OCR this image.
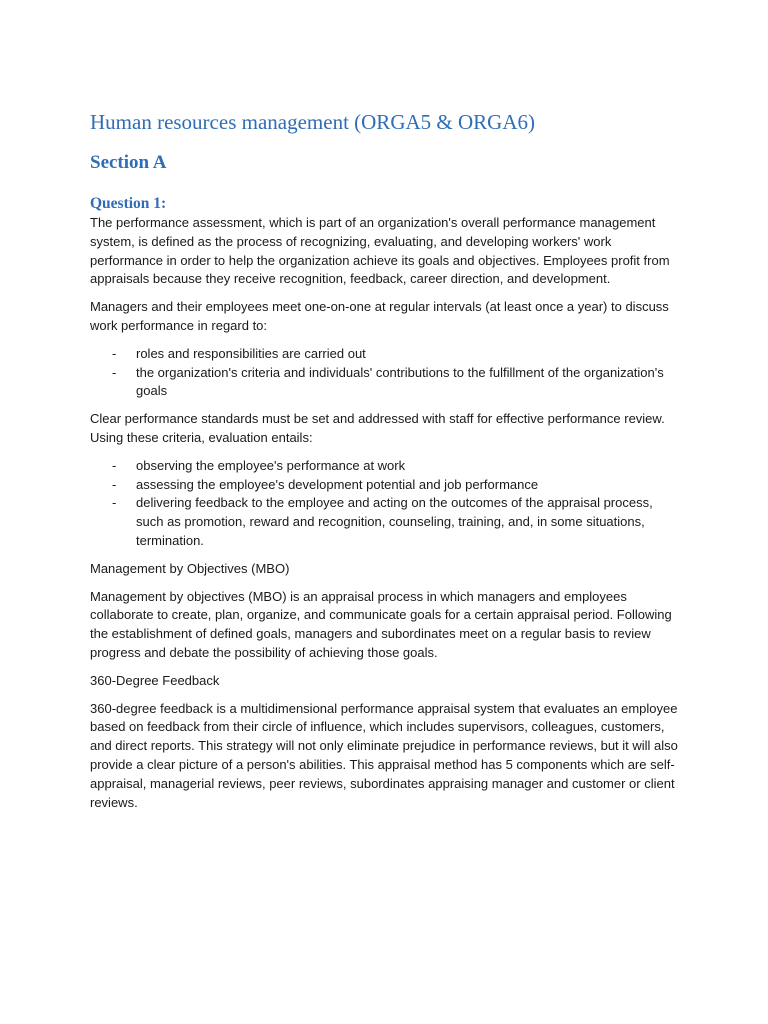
Human resources management (ORGA5 & ORGA6)
Section A
Question 1:

The performance assessment, which is part of an organization's overall performance management system, is defined as the process of recognizing, evaluating, and developing workers' work performance in order to help the organization achieve its goals and objectives. Employees profit from appraisals because they receive recognition, feedback, career direction, and development.

Managers and their employees meet one-on-one at regular intervals (at least once a year) to discuss work performance in regard to:

- roles and responsibilities are carried out
- the organization's criteria and individuals' contributions to the fulfillment of the organization's goals

Clear performance standards must be set and addressed with staff for effective performance review. Using these criteria, evaluation entails:

- observing the employee's performance at work
- assessing the employee's development potential and job performance
- delivering feedback to the employee and acting on the outcomes of the appraisal process, such as promotion, reward and recognition, counseling, training, and, in some situations, termination.
Management by Objectives (MBO)

Management by objectives (MBO) is an appraisal process in which managers and employees collaborate to create, plan, organize, and communicate goals for a certain appraisal period. Following the establishment of defined goals, managers and subordinates meet on a regular basis to review progress and debate the possibility of achieving those goals.

360-Degree Feedback

360-degree feedback is a multidimensional performance appraisal system that evaluates an employee based on feedback from their circle of influence, which includes supervisors, colleagues, customers, and direct reports. This strategy will not only eliminate prejudice in performance reviews, but it will also provide a clear picture of a person's abilities. This appraisal method has 5 components which are self-appraisal, managerial reviews, peer reviews, subordinates appraising manager and customer or client reviews.
